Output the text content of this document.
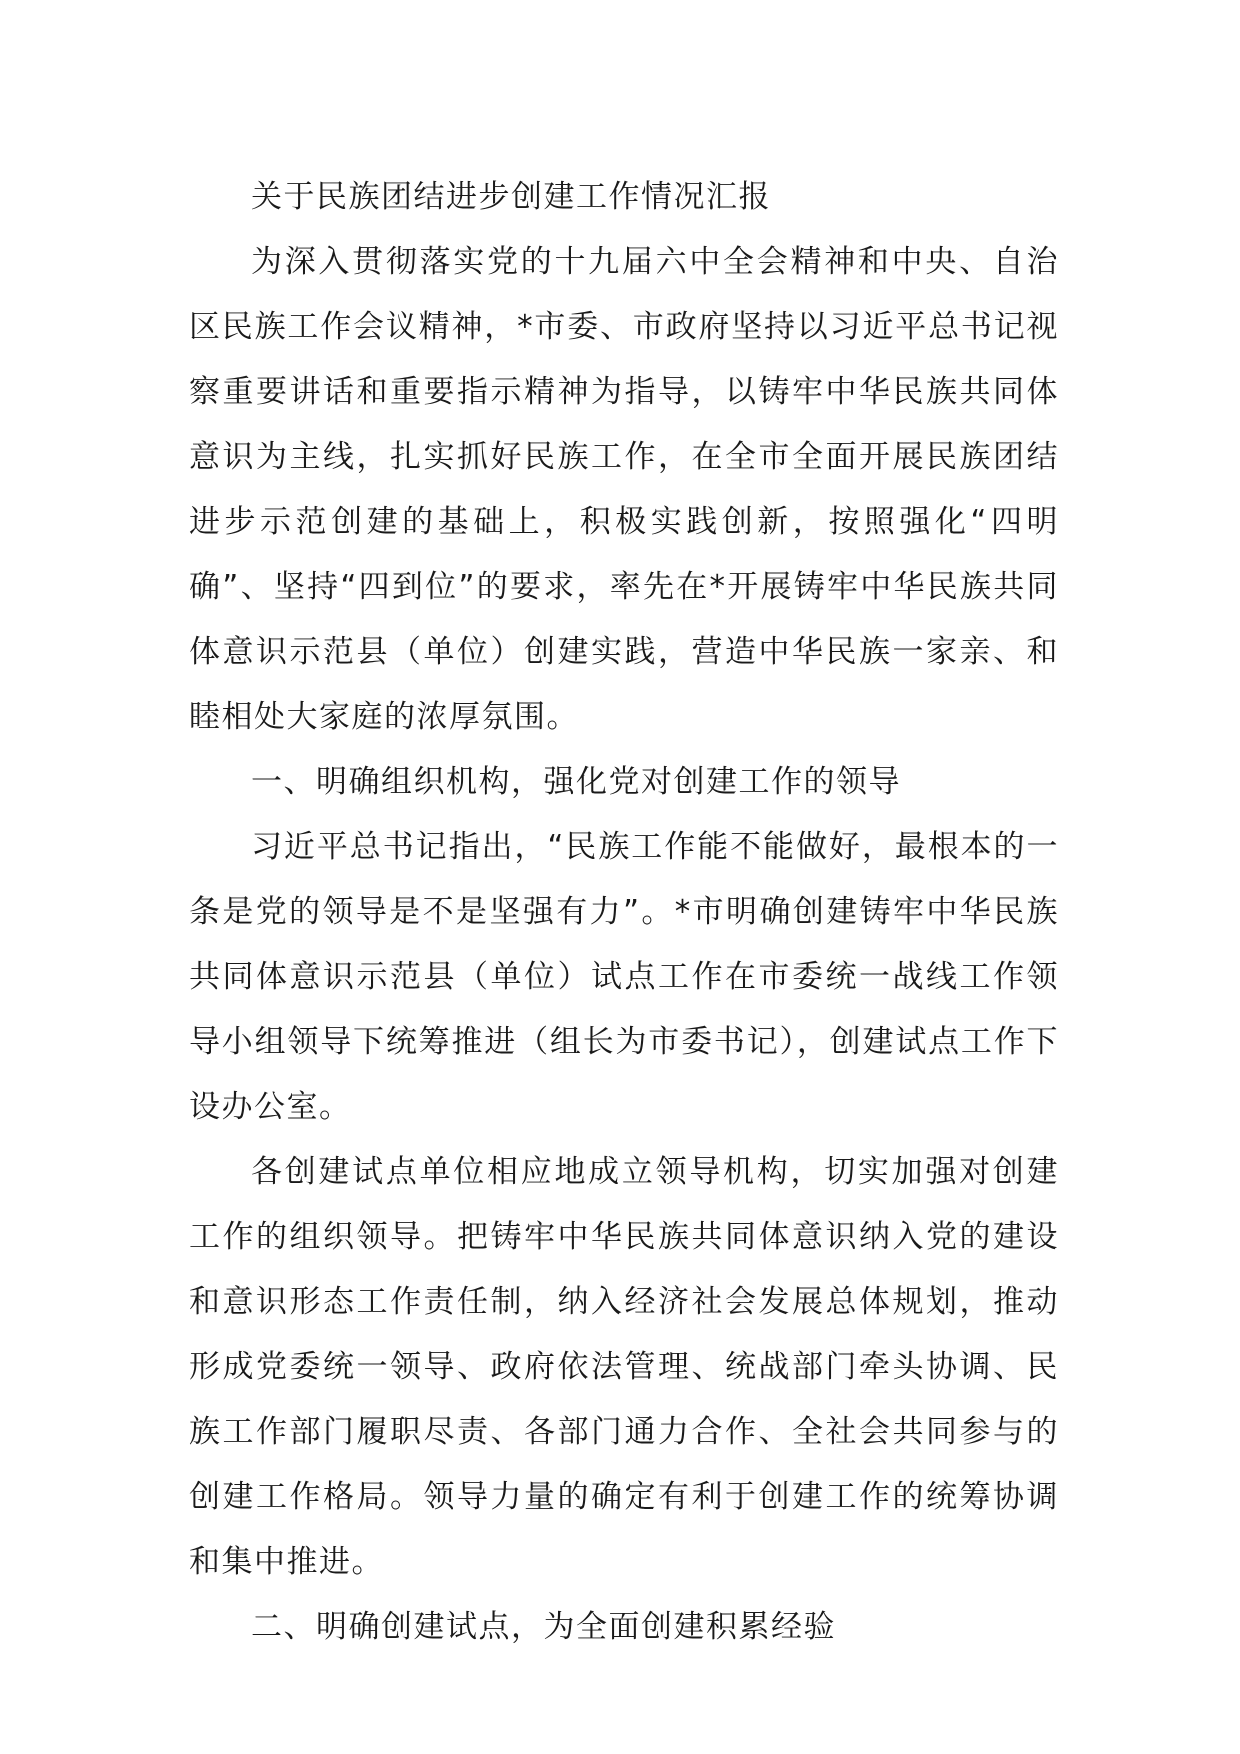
关于民族团结进步创建工作情况汇报

为深入贯彻落实党的十九届六中全会精神和中央、自治区民族工作会议精神，*市委、市政府坚持以习近平总书记视察重要讲话和重要指示精神为指导，以铸牢中华民族共同体意识为主线，扎实抓好民族工作，在全市全面开展民族团结进步示范创建的基础上，积极实践创新，按照强化“四明确”、坚持“四到位”的要求，率先在*开展铸牢中华民族共同体意识示范县（单位）创建实践，营造中华民族一家亲、和睦相处大家庭的浓厚氛围。

一、明确组织机构，强化党对创建工作的领导

习近平总书记指出，“民族工作能不能做好，最根本的一条是党的领导是不是坚强有力”。*市明确创建铸牢中华民族共同体意识示范县（单位）试点工作在市委统一战线工作领导小组领导下统筹推进（组长为市委书记），创建试点工作下设办公室。

各创建试点单位相应地成立领导机构，切实加强对创建工作的组织领导。把铸牢中华民族共同体意识纳入党的建设和意识形态工作责任制，纳入经济社会发展总体规划，推动形成党委统一领导、政府依法管理、统战部门牵头协调、民族工作部门履职尽责、各部门通力合作、全社会共同参与的创建工作格局。领导力量的确定有利于创建工作的统筹协调和集中推进。

二、明确创建试点，为全面创建积累经验
